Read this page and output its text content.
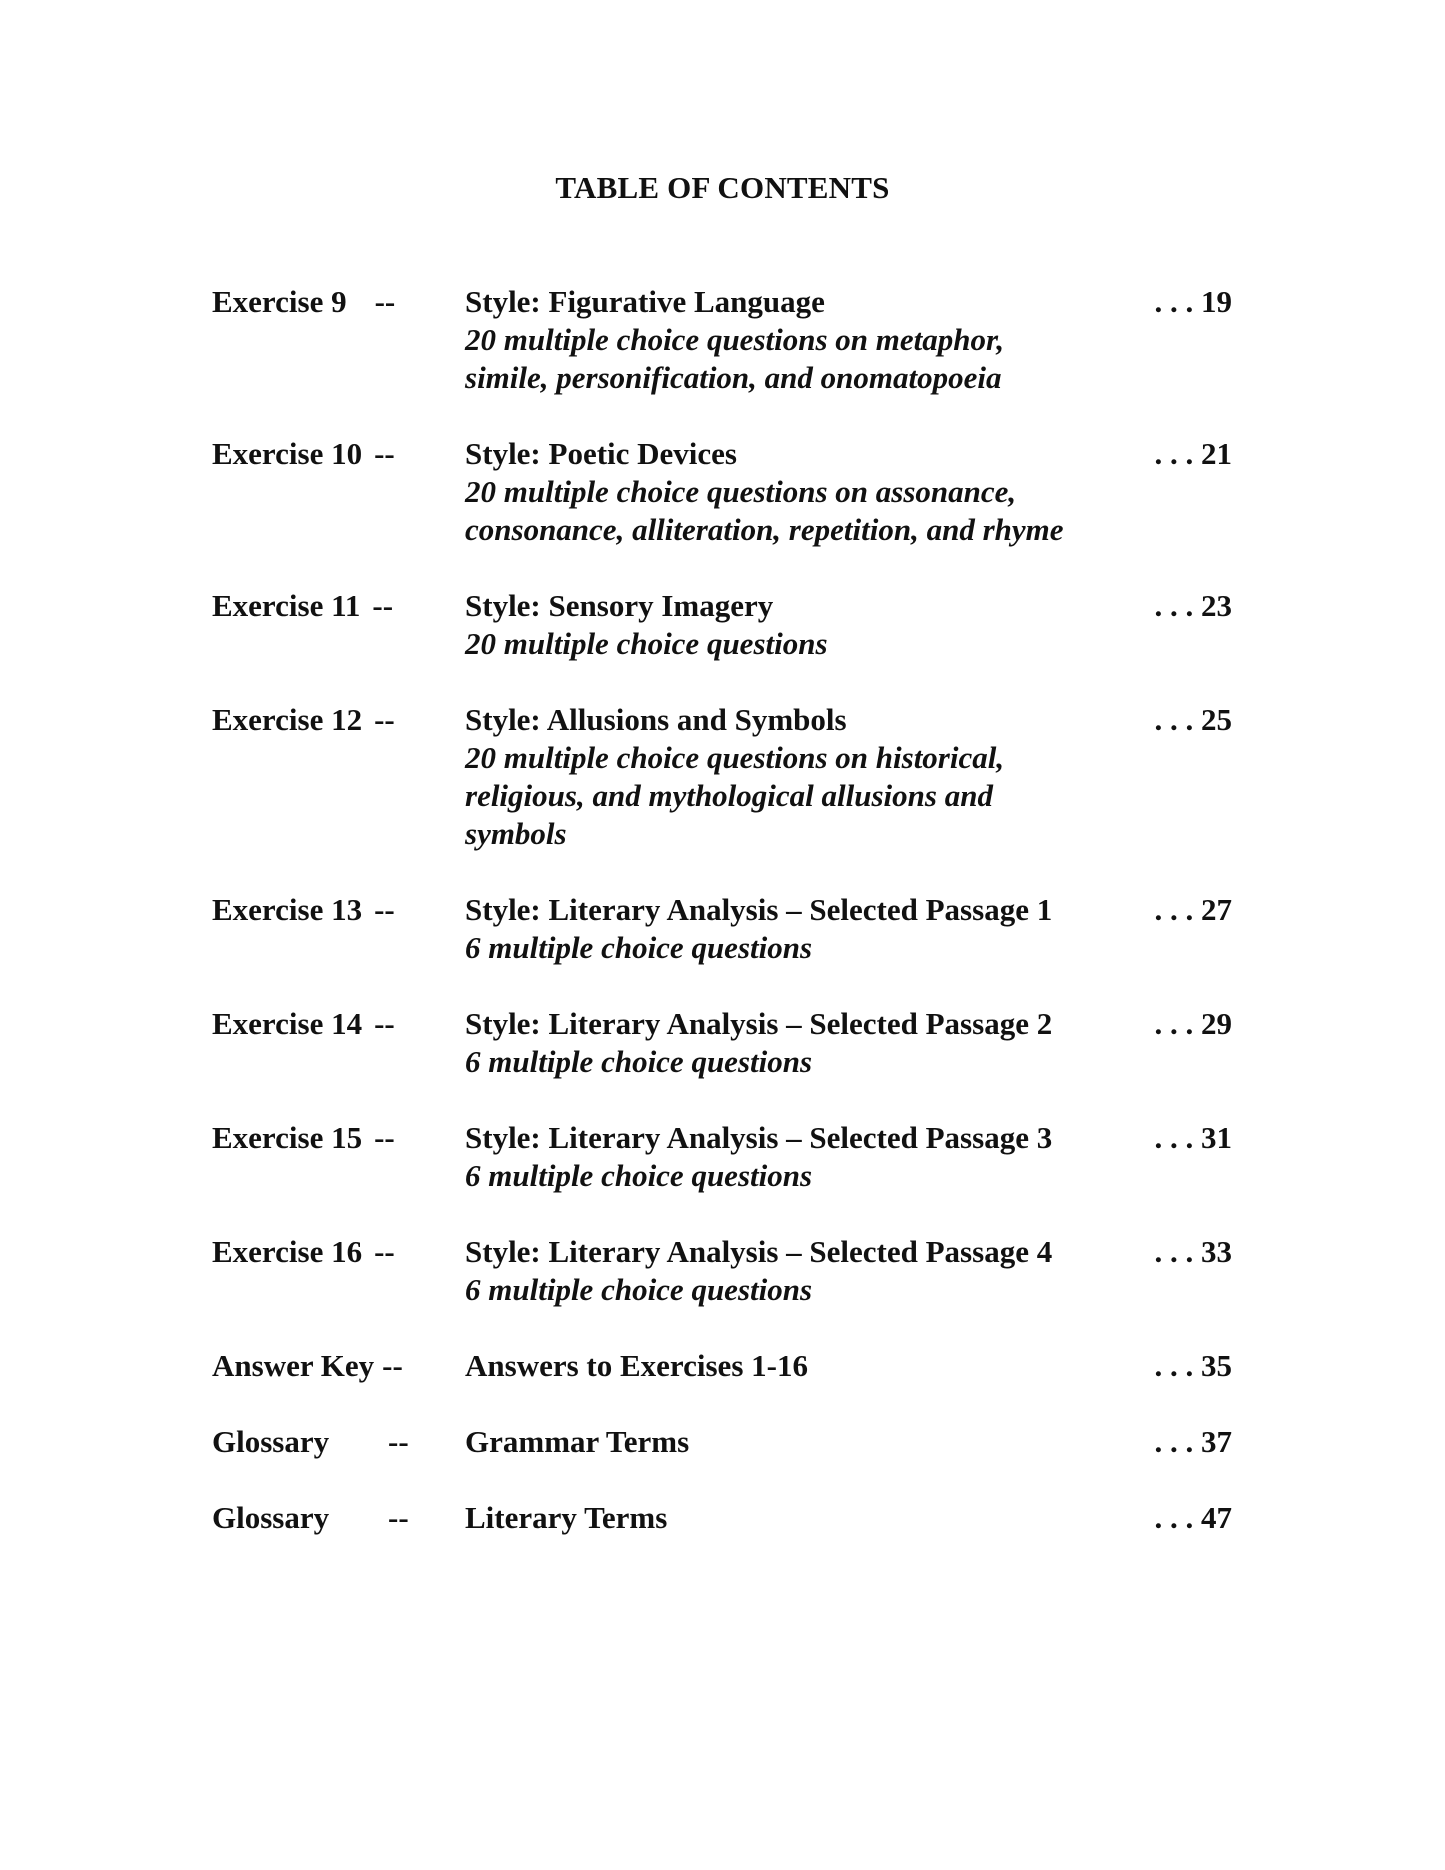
TABLE OF CONTENTS
Exercise 9 -- Style: Figurative Language
20 multiple choice questions on metaphor,
simile, personification, and onomatopoeia
. . . 19
Exercise 10 -- Style: Poetic Devices
20 multiple choice questions on assonance,
consonance, alliteration, repetition, and rhyme
. . . 21
Exercise 11 -- Style: Sensory Imagery
20 multiple choice questions
. . . 23
Exercise 12 -- Style: Allusions and Symbols
20 multiple choice questions on historical,
religious, and mythological allusions and
symbols
. . . 25
Exercise 13 -- Style: Literary Analysis – Selected Passage 1
6 multiple choice questions
. . . 27
Exercise 14 -- Style: Literary Analysis – Selected Passage 2
6 multiple choice questions
. . . 29
Exercise 15 -- Style: Literary Analysis – Selected Passage 3
6 multiple choice questions
. . . 31
Exercise 16 -- Style: Literary Analysis – Selected Passage 4
6 multiple choice questions
. . . 33
Answer Key -- Answers to Exercises 1-16	. . . 35
Glossary	-- Grammar Terms	. . . 37
Glossary	-- Literary Terms	. . . 47
